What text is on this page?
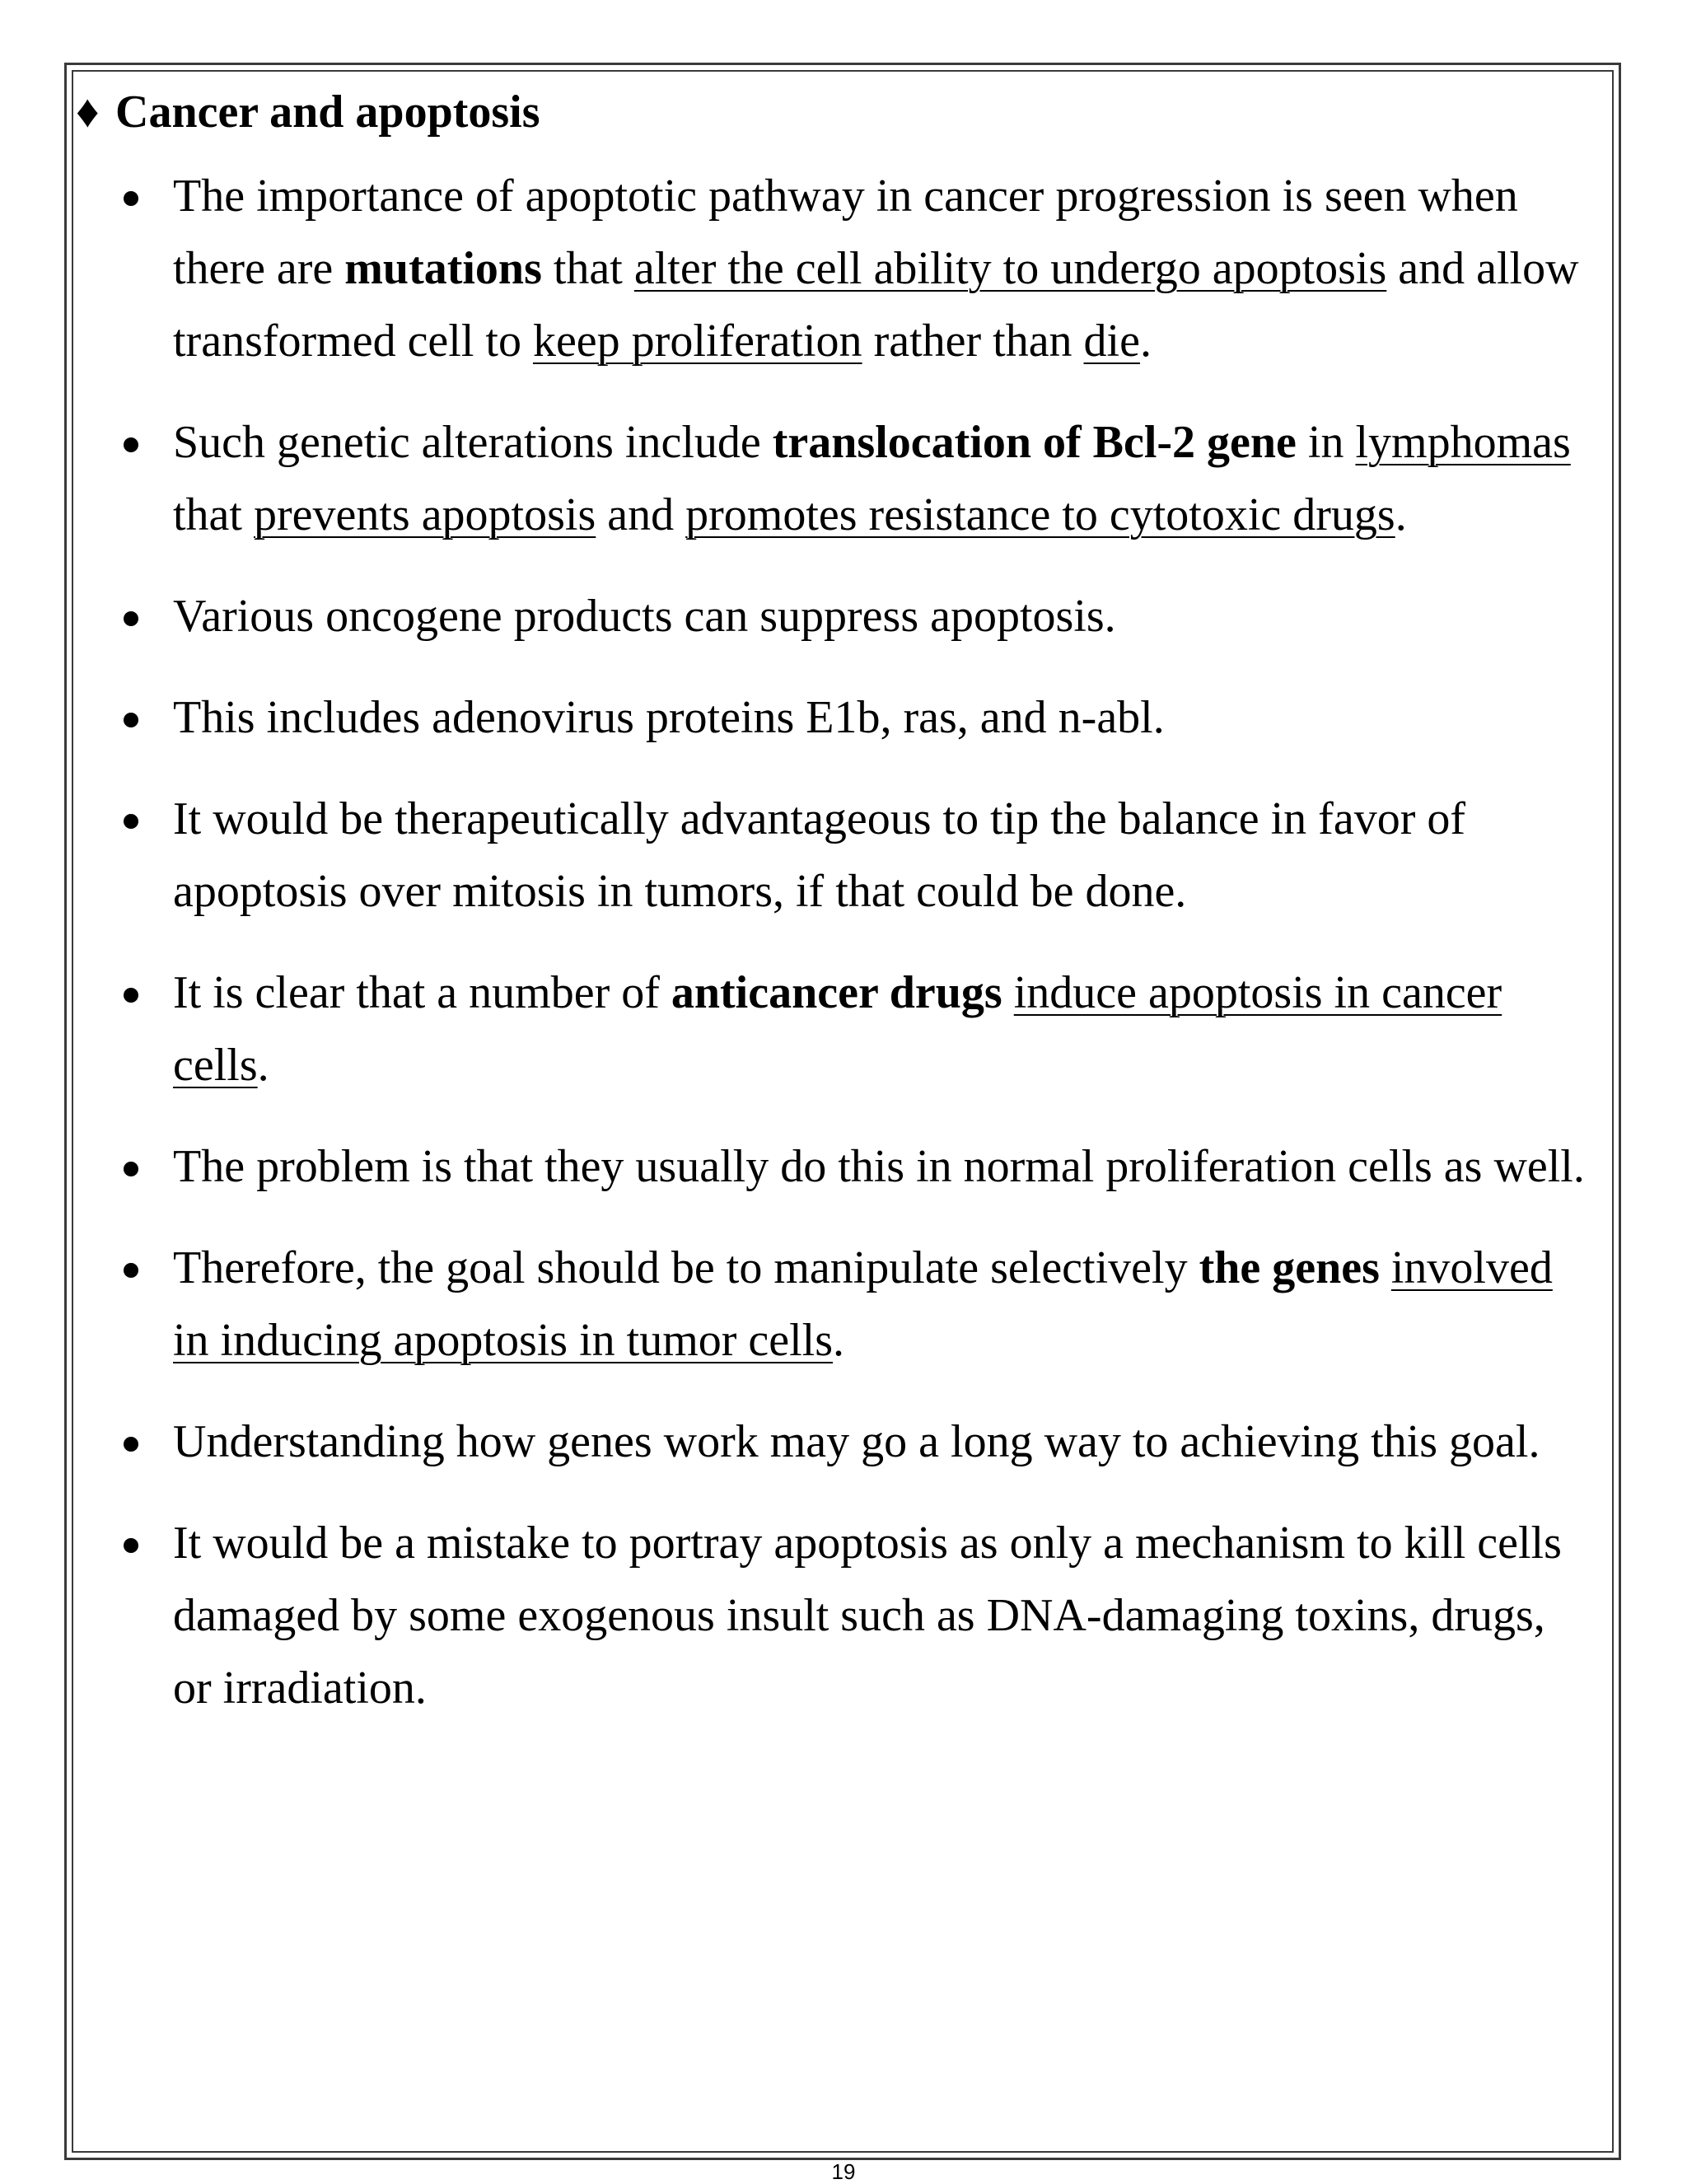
♦ Cancer and apoptosis
The importance of apoptotic pathway in cancer progression is seen when there are mutations that alter the cell ability to undergo apoptosis and allow transformed cell to keep proliferation rather than die.
Such genetic alterations include translocation of Bcl-2 gene in lymphomas that prevents apoptosis and promotes resistance to cytotoxic drugs.
Various oncogene products can suppress apoptosis.
This includes adenovirus proteins E1b, ras, and n-abl.
It would be therapeutically advantageous to tip the balance in favor of apoptosis over mitosis in tumors, if that could be done.
It is clear that a number of anticancer drugs induce apoptosis in cancer cells.
The problem is that they usually do this in normal proliferation cells as well.
Therefore, the goal should be to manipulate selectively the genes involved in inducing apoptosis in tumor cells.
Understanding how genes work may go a long way to achieving this goal.
It would be a mistake to portray apoptosis as only a mechanism to kill cells damaged by some exogenous insult such as DNA-damaging toxins, drugs, or irradiation.
19
